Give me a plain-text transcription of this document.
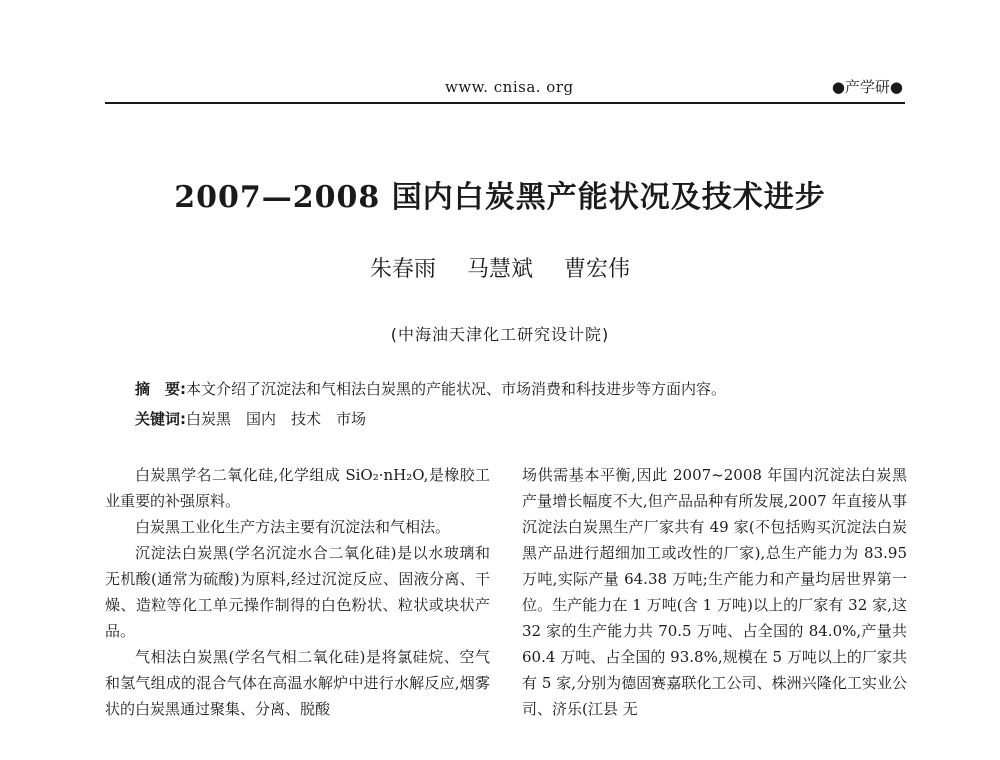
www. cnisa. org	●产学研●
2007—2008 国内白炭黑产能状况及技术进步
朱春雨 马慧斌 曹宏伟
(中海油天津化工研究设计院)
摘　要:本文介绍了沉淀法和气相法白炭黑的产能状况、市场消费和科技进步等方面内容。
关键词:白炭黑　国内　技术　市场

白炭黑学名二氧化硅,化学组成 SiO₂·nH₂O,是橡胶工业重要的补强原料。

白炭黑工业化生产方法主要有沉淀法和气相法。

沉淀法白炭黑(学名沉淀水合二氧化硅)是以水玻璃和无机酸(通常为硫酸)为原料,经过沉淀反应、固液分离、干燥、造粒等化工单元操作制得的白色粉状、粒状或块状产品。

气相法白炭黑(学名气相二氧化硅)是将氯硅烷、空气和氢气组成的混合气体在高温水解炉中进行水解反应,烟雾状的白炭黑通过聚集、分离、脱酸

场供需基本平衡,因此 2007~2008 年国内沉淀法白炭黑产量增长幅度不大,但产品品种有所发展,2007 年直接从事沉淀法白炭黑生产厂家共有 49 家(不包括购买沉淀法白炭黑产品进行超细加工或改性的厂家),总生产能力为 83.95 万吨,实际产量 64.38 万吨;生产能力和产量均居世界第一位。生产能力在 1 万吨(含 1 万吨)以上的厂家有 32 家,这 32 家的生产能力共 70.5 万吨、占全国的 84.0%,产量共 60.4 万吨、占全国的 93.8%,规模在 5 万吨以上的厂家共有 5 家,分别为德固赛嘉联化工公司、株洲兴隆化工实业公司、济乐(江县 无
